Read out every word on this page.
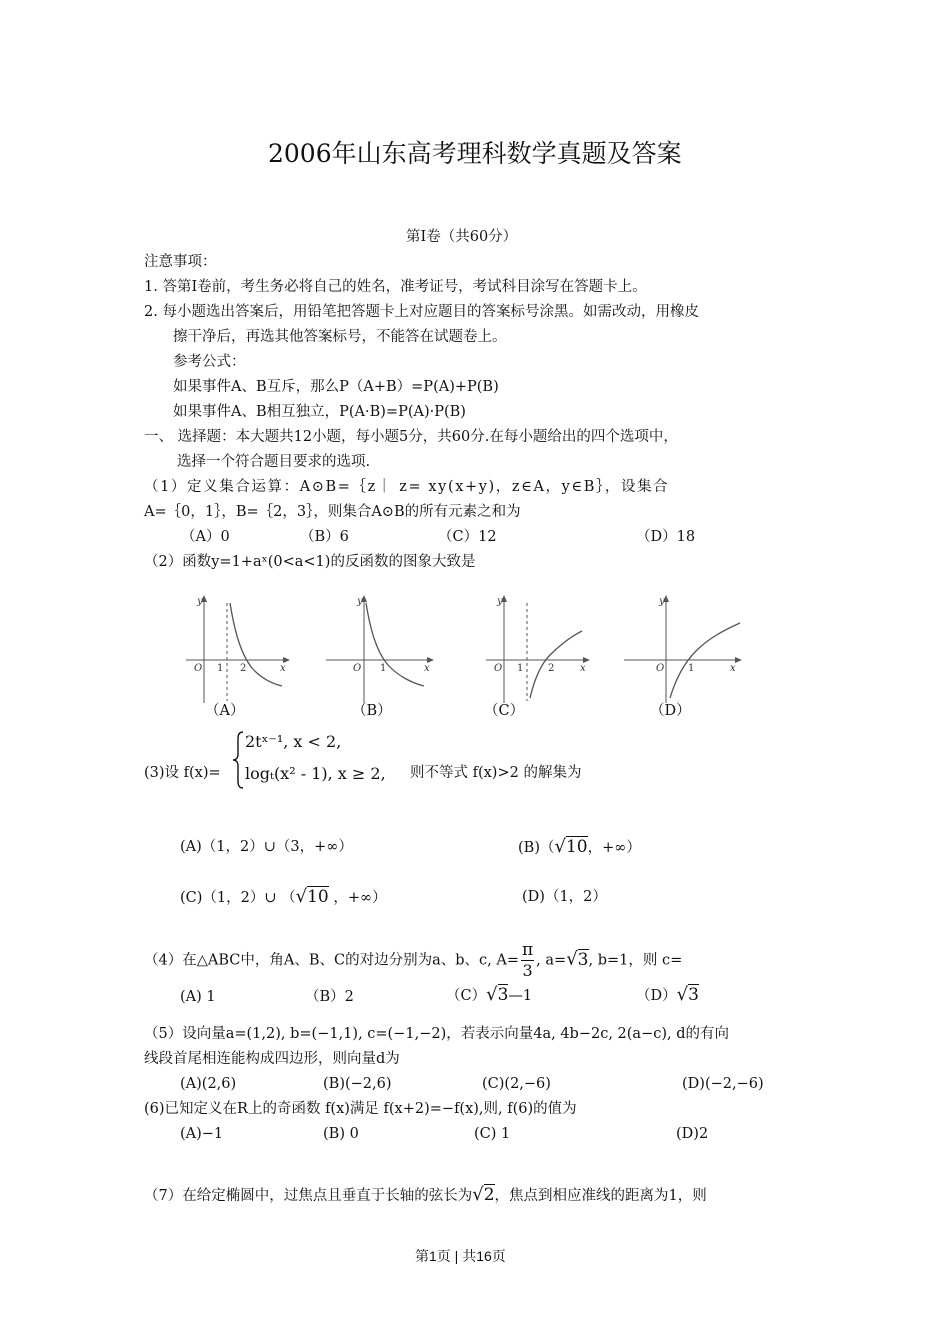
2006年山东高考理科数学真题及答案
第Ⅰ卷（共60分）
注意事项：
1. 答第Ⅰ卷前，考生务必将自己的姓名，准考证号，考试科目涂写在答题卡上。
2. 每小题选出答案后，用铅笔把答题卡上对应题目的答案标号涂黑。如需改动，用橡皮
擦干净后，再选其他答案标号，不能答在试题卷上。
参考公式：
如果事件A、B互斥，那么P（A+B）=P(A)+P(B)
如果事件A、B相互独立，P(A·B)=P(A)·P(B)
一、 选择题：本大题共12小题，每小题5分，共60分.在每小题给出的四个选项中，
选择一个符合题目要求的选项.
（1）定义集合运算：A⊙B=｛z｜ z= xy(x+y)，z∈A，y∈B｝，设集合
A=｛0，1｝，B=｛2，3｝，则集合A⊙B的所有元素之和为
（A）0	（B）6	（C）12	（D）18
（2）函数y=1+aˣ(0<a<1)的反函数的图象大致是
y
x
O 1 2
y
x
O 1
y
x
O 1 2
y
x
O 1
（A）	（B）	（C）	（D）
(3)设 f(x)=
2tˣ⁻¹, x < 2,
logₜ(x² - 1), x ≥ 2, 则不等式 f(x)>2 的解集为
(A)（1，2）∪（3，+∞）	(B)（√10，+∞）
(C)（1，2）∪ （√10 ，+∞）	(D)（1，2）
（4）在△ABC中，角A、B、C的对边分别为a、b、c, $A= \frac{\pi}{3}$ , a=√3, b=1，则 c=
(A) 1	（B）2	（C）√3—1	（D）√3
（5）设向量a=(1,2), b=(−1,1), c=(−1,−2)，若表示向量4a, 4b−2c, 2(a−c), d的有向
线段首尾相连能构成四边形，则向量d为
(A)(2,6)	(B)(−2,6)	(C)(2,−6)	(D)(−2,−6)
(6)已知定义在R上的奇函数 f(x)满足 f(x+2)=−f(x),则, f(6)的值为
(A)−1	(B) 0	(C) 1	(D)2
（7）在给定椭圆中，过焦点且垂直于长轴的弦长为√2，焦点到相应准线的距离为1，则
第1页 | 共16页
